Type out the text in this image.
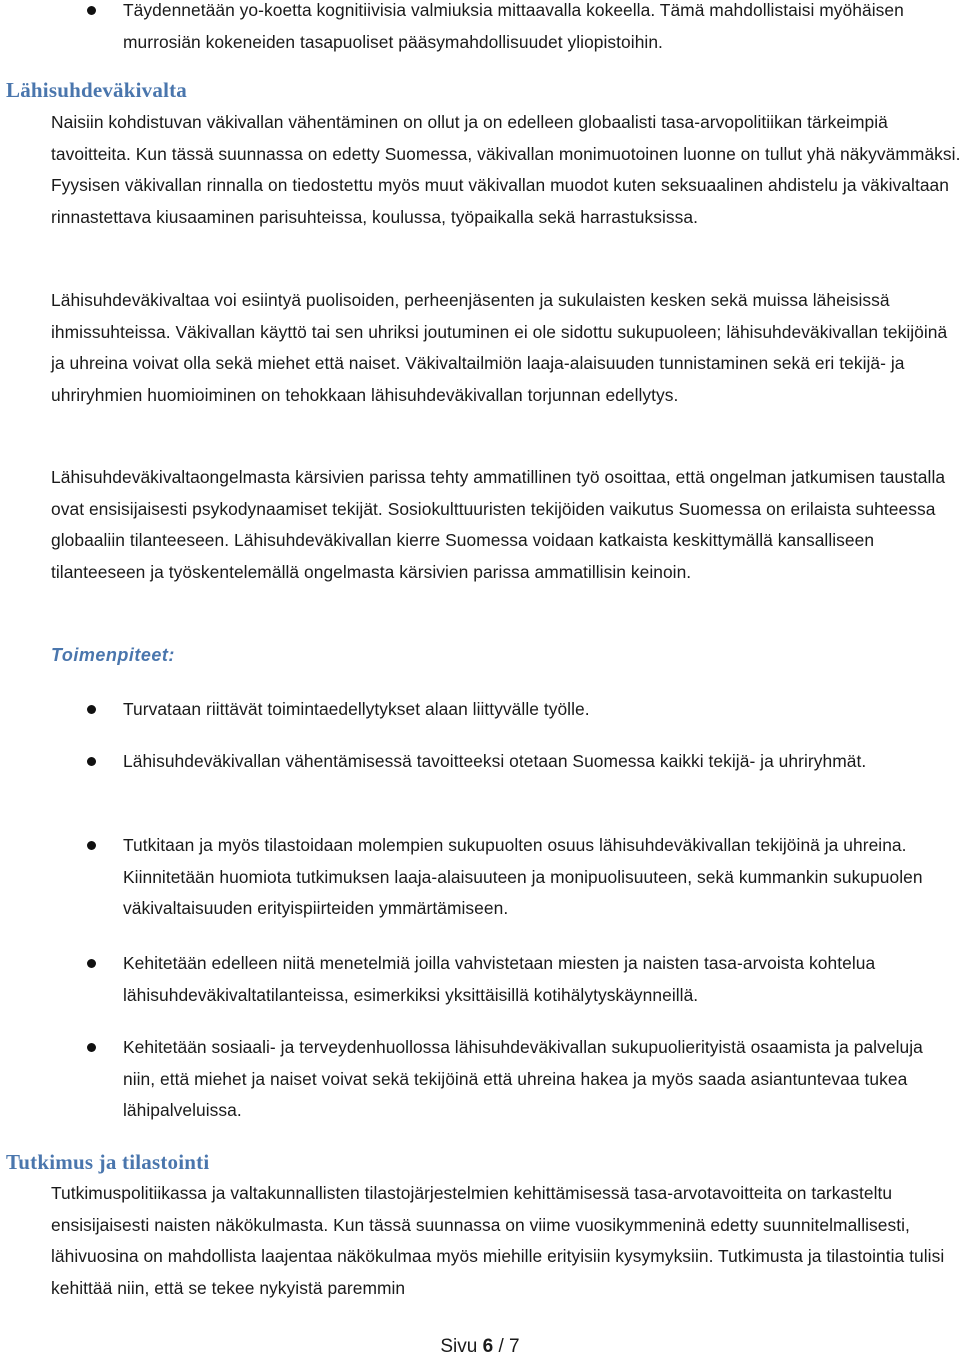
Täydennetään yo-koetta kognitiivisia valmiuksia mittaavalla kokeella. Tämä mahdollistaisi myöhäisen murrosiän kokeneiden tasapuoliset pääsymahdollisuudet yliopistoihin.
Lähisuhdeväkivalta

Naisiin kohdistuvan väkivallan vähentäminen on ollut ja on edelleen globaalisti tasa-arvopolitiikan tärkeimpiä tavoitteita. Kun tässä suunnassa on edetty Suomessa, väkivallan monimuotoinen luonne on tullut yhä näkyvämmäksi. Fyysisen väkivallan rinnalla on tiedostettu myös muut väkivallan muodot kuten seksuaalinen ahdistelu ja väkivaltaan rinnastettava kiusaaminen parisuhteissa, koulussa, työpaikalla sekä harrastuksissa.

Lähisuhdeväkivaltaa voi esiintyä puolisoiden, perheenjäsenten ja sukulaisten kesken sekä muissa läheisissä ihmissuhteissa. Väkivallan käyttö tai sen uhriksi joutuminen ei ole sidottu sukupuoleen; lähisuhdeväkivallan tekijöinä ja uhreina voivat olla sekä miehet että naiset. Väkivaltailmiön laaja-alaisuuden tunnistaminen sekä eri tekijä- ja uhriryhmien huomioiminen on tehokkaan lähisuhdeväkivallan torjunnan edellytys.

Lähisuhdeväkivaltaongelmasta kärsivien parissa tehty ammatillinen työ osoittaa, että ongelman jatkumisen taustalla ovat ensisijaisesti psykodynaamiset tekijät. Sosiokulttuuristen tekijöiden vaikutus Suomessa on erilaista suhteessa globaaliin tilanteeseen. Lähisuhdeväkivallan kierre Suomessa voidaan katkaista keskittymällä kansalliseen tilanteeseen ja työskentelemällä ongelmasta kärsivien parissa ammatillisin keinoin.

Toimenpiteet:
Turvataan riittävät toimintaedellytykset alaan liittyvälle työlle.
Lähisuhdeväkivallan vähentämisessä tavoitteeksi otetaan Suomessa kaikki tekijä- ja uhriryhmät.
Tutkitaan ja myös tilastoidaan molempien sukupuolten osuus lähisuhdeväkivallan tekijöinä ja uhreina. Kiinnitetään huomiota tutkimuksen laaja-alaisuuteen ja monipuolisuuteen, sekä kummankin sukupuolen väkivaltaisuuden erityispiirteiden ymmärtämiseen.
Kehitetään edelleen niitä menetelmiä joilla vahvistetaan miesten ja naisten tasa-arvoista kohtelua lähisuhdeväkivaltatilanteissa, esimerkiksi yksittäisillä kotihälytyskäynneillä.
Kehitetään sosiaali- ja terveydenhuollossa lähisuhdeväkivallan sukupuolierityistä osaamista ja palveluja niin, että miehet ja naiset voivat sekä tekijöinä että uhreina hakea ja myös saada asiantuntevaa tukea lähipalveluissa.
Tutkimus ja tilastointi

Tutkimuspolitiikassa ja valtakunnallisten tilastojärjestelmien kehittämisessä tasa-arvotavoitteita on tarkasteltu ensisijaisesti naisten näkökulmasta. Kun tässä suunnassa on viime vuosikymmeninä edetty suunnitelmallisesti, lähivuosina on mahdollista laajentaa näkökulmaa myös miehille erityisiin kysymyksiin. Tutkimusta ja tilastointia tulisi kehittää niin, että se tekee nykyistä paremmin

Sivu 6 / 7
